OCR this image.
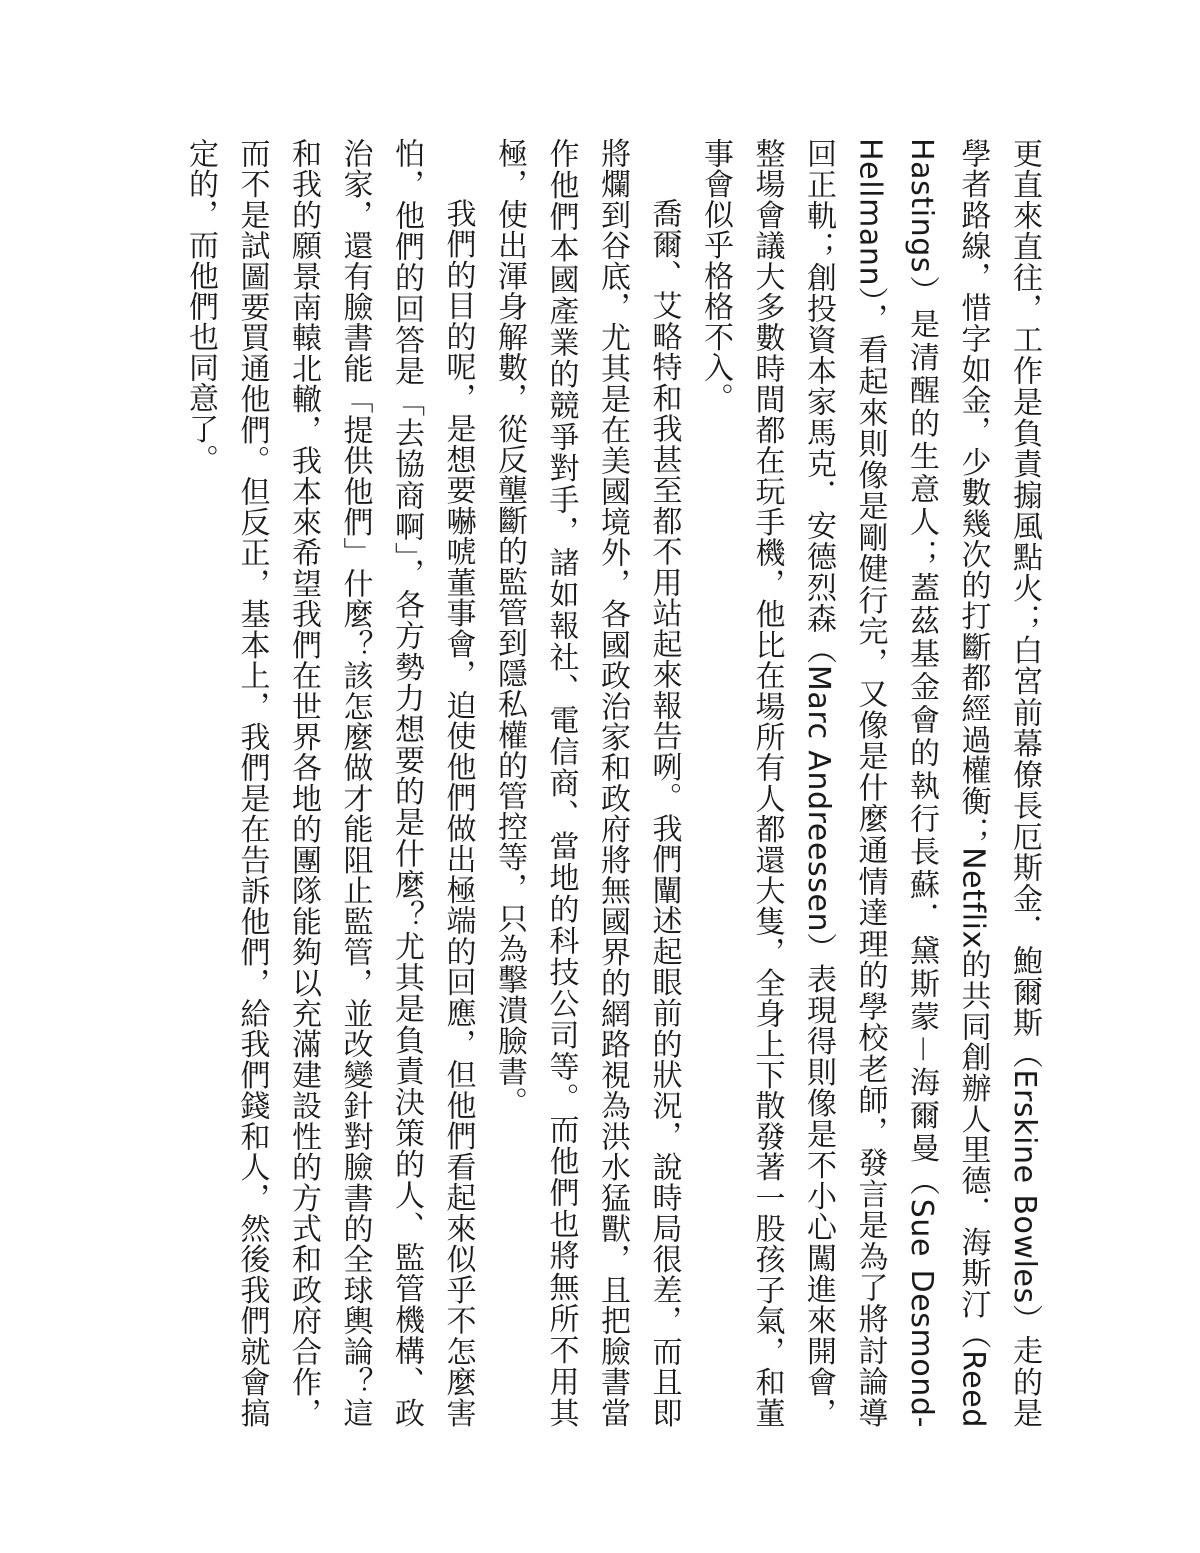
更直來直往，工作是負責搧風點火；白宮前幕僚長厄斯金．鮑爾斯（Erskine Bowles）走的是學者路線，惜字如金，少數幾次的打斷都經過權衡；Netflix的共同創辦人里德．海斯汀（Reed Hastings）是清醒的生意人；蓋茲基金會的執行長蘇．黛斯蒙－海爾曼（Sue Desmond-Hellmann），看起來則像是剛健行完，又像是什麼通情達理的學校老師，發言是為了將討論導回正軌；創投資本家馬克．安德烈森（Marc Andreessen）表現得則像是不小心闖進來開會，整場會議大多數時間都在玩手機，他比在場所有人都還大隻，全身上下散發著一股孩子氣，和董事會似乎格格不入。

喬爾、艾略特和我甚至都不用站起來報告咧。我們闡述起眼前的狀況，說時局很差，而且即將爛到谷底，尤其是在美國境外，各國政治家和政府將無國界的網路視為洪水猛獸，且把臉書當作他們本國產業的競爭對手，諸如報社、電信商、當地的科技公司等。而他們也將無所不用其極，使出渾身解數，從反壟斷的監管到隱私權的管控等，只為擊潰臉書。

我們的目的呢，是想要嚇唬董事會，迫使他們做出極端的回應，但他們看起來似乎不怎麼害怕，他們的回答是「去協商啊」，各方勢力想要的是什麼？尤其是負責決策的人、監管機構、政治家，還有臉書能「提供他們」什麼？該怎麼做才能阻止監管，並改變針對臉書的全球輿論？這和我的願景南轅北轍，我本來希望我們在世界各地的團隊能夠以充滿建設性的方式和政府合作，而不是試圖要買通他們。但反正，基本上，我們是在告訴他們，給我們錢和人，然後我們就會搞定的，而他們也同意了。
